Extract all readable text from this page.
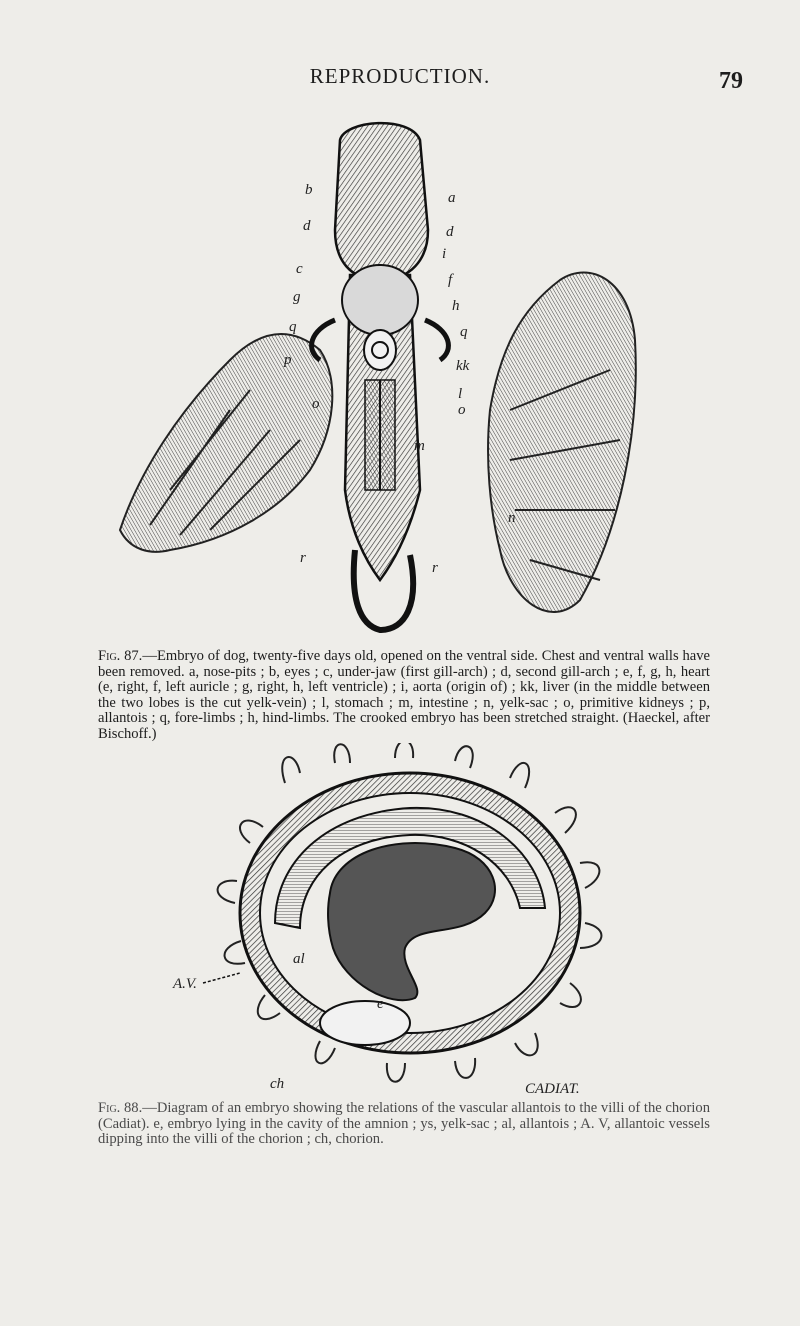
REPRODUCTION.	79
b	a
d	d
i
c
g
f
h
q	q
p	kk
l
o	o
m
n
r
r
Fig. 87.—Embryo of dog, twenty-five days old, opened on the ventral side. Chest and ventral walls have been removed. a, nose-pits ; b, eyes ; c, under-jaw (first gill-arch) ; d, second gill-arch ; e, f, g, h, heart (e, right, f, left auricle ; g, right, h, left ventricle) ; i, aorta (origin of) ; kk, liver (in the middle between the two lobes is the cut yelk-vein) ; l, stomach ; m, intestine ; n, yelk-sac ; o, primitive kidneys ; p, allantois ; q, fore-limbs ; h, hind-limbs. The crooked embryo has been stretched straight. (Haeckel, after Bischoff.)
al
e
A.V.
ch	CADIAT.
Fig. 88.—Diagram of an embryo showing the relations of the vascular allantois to the villi of the chorion (Cadiat). e, embryo lying in the cavity of the amnion ; ys, yelk-sac ; al, allantois ; A. V, allantoic vessels dipping into the villi of the chorion ; ch, chorion.
